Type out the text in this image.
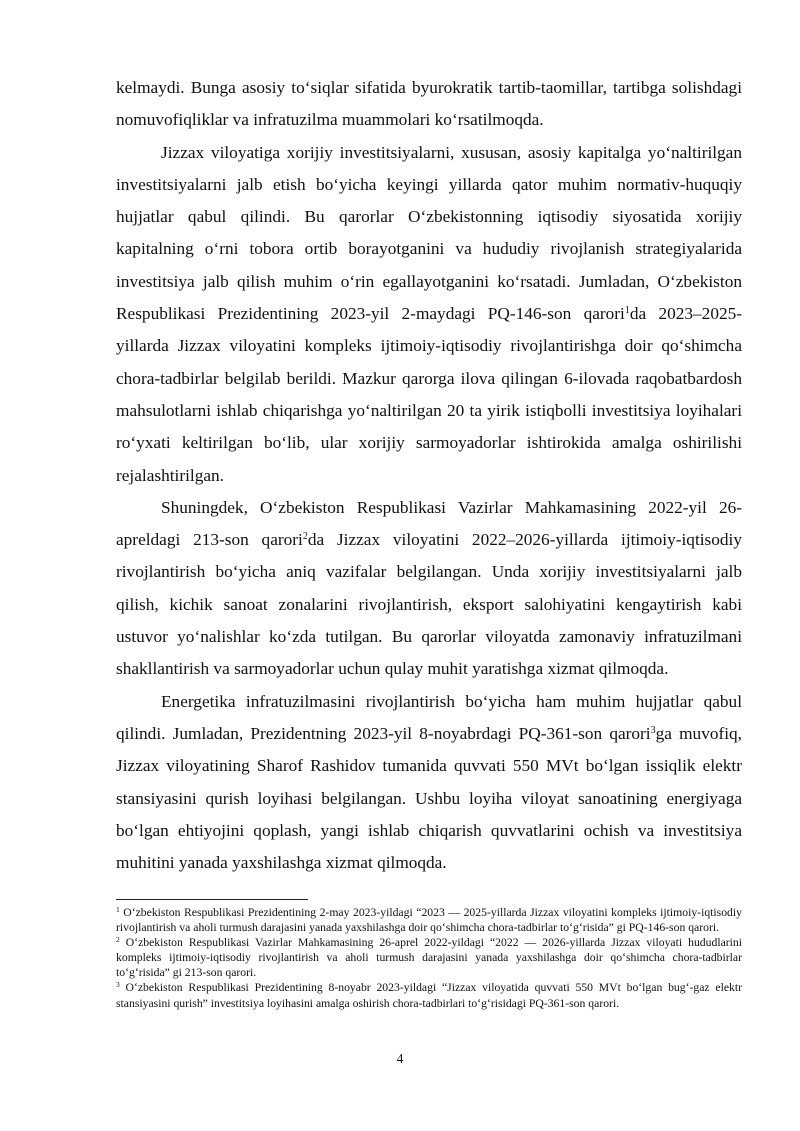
kelmaydi. Bunga asosiy to‘siqlar sifatida byurokratik tartib-taomillar, tartibga solishdagi nomuvofiqliklar va infratuzilma muammolari ko‘rsatilmoqda.

Jizzax viloyatiga xorijiy investitsiyalarni, xususan, asosiy kapitalga yo‘naltirilgan investitsiyalarni jalb etish bo‘yicha keyingi yillarda qator muhim normativ-huquqiy hujjatlar qabul qilindi. Bu qarorlar O‘zbekistonning iqtisodiy siyosatida xorijiy kapitalning o‘rni tobora ortib borayotganini va hududiy rivojlanish strategiyalarida investitsiya jalb qilish muhim o‘rin egallayotganini ko‘rsatadi. Jumladan, O‘zbekiston Respublikasi Prezidentining 2023-yil 2-maydagi PQ-146-son qarori$^1$da 2023–2025-yillarda Jizzax viloyatini kompleks ijtimoiy-iqtisodiy rivojlantirishga doir qo‘shimcha chora-tadbirlar belgilab berildi. Mazkur qarorga ilova qilingan 6-ilovada raqobatbardosh mahsulotlarni ishlab chiqarishga yo‘naltirilgan 20 ta yirik istiqbolli investitsiya loyihalari ro‘yxati keltirilgan bo‘lib, ular xorijiy sarmoyadorlar ishtirokida amalga oshirilishi rejalashtirilgan.

Shuningdek, O‘zbekiston Respublikasi Vazirlar Mahkamasining 2022-yil 26-apreldagi 213-son qarori$^2$da Jizzax viloyatini 2022–2026-yillarda ijtimoiy-iqtisodiy rivojlantirish bo‘yicha aniq vazifalar belgilangan. Unda xorijiy investitsiyalarni jalb qilish, kichik sanoat zonalarini rivojlantirish, eksport salohiyatini kengaytirish kabi ustuvor yo‘nalishlar ko‘zda tutilgan. Bu qarorlar viloyatda zamonaviy infratuzilmani shakllantirish va sarmoyadorlar uchun qulay muhit yaratishga xizmat qilmoqda.

Energetika infratuzilmasini rivojlantirish bo‘yicha ham muhim hujjatlar qabul qilindi. Jumladan, Prezidentning 2023-yil 8-noyabrdagi PQ-361-son qarori$^3$ga muvofiq, Jizzax viloyatining Sharof Rashidov tumanida quvvati 550 MVt bo‘lgan issiqlik elektr stansiyasini qurish loyihasi belgilangan. Ushbu loyiha viloyat sanoatining energiyaga bo‘lgan ehtiyojini qoplash, yangi ishlab chiqarish quvvatlarini ochish va investitsiya muhitini yanada yaxshilashga xizmat qilmoqda.

$^1$ O‘zbekiston Respublikasi Prezidentining 2-may 2023-yildagi “2023 — 2025-yillarda Jizzax viloyatini kompleks ijtimoiy-iqtisodiy rivojlantirish va aholi turmush darajasini yanada yaxshilashga doir qo‘shimcha chora-tadbirlar to‘g‘risida” gi PQ-146-son qarori.

$^2$ O‘zbekiston Respublikasi Vazirlar Mahkamasining 26-aprel 2022-yildagi “2022 — 2026-yillarda Jizzax viloyati hududlarini kompleks ijtimoiy-iqtisodiy rivojlantirish va aholi turmush darajasini yanada yaxshilashga doir qo‘shimcha chora-tadbirlar to‘g‘risida” gi 213-son qarori.

$^3$ O‘zbekiston Respublikasi Prezidentining 8-noyabr 2023-yildagi “Jizzax viloyatida quvvati 550 MVt bo‘lgan bug‘-gaz elektr stansiyasini qurish” investitsiya loyihasini amalga oshirish chora-tadbirlari to‘g‘risidagi PQ-361-son qarori.

4
